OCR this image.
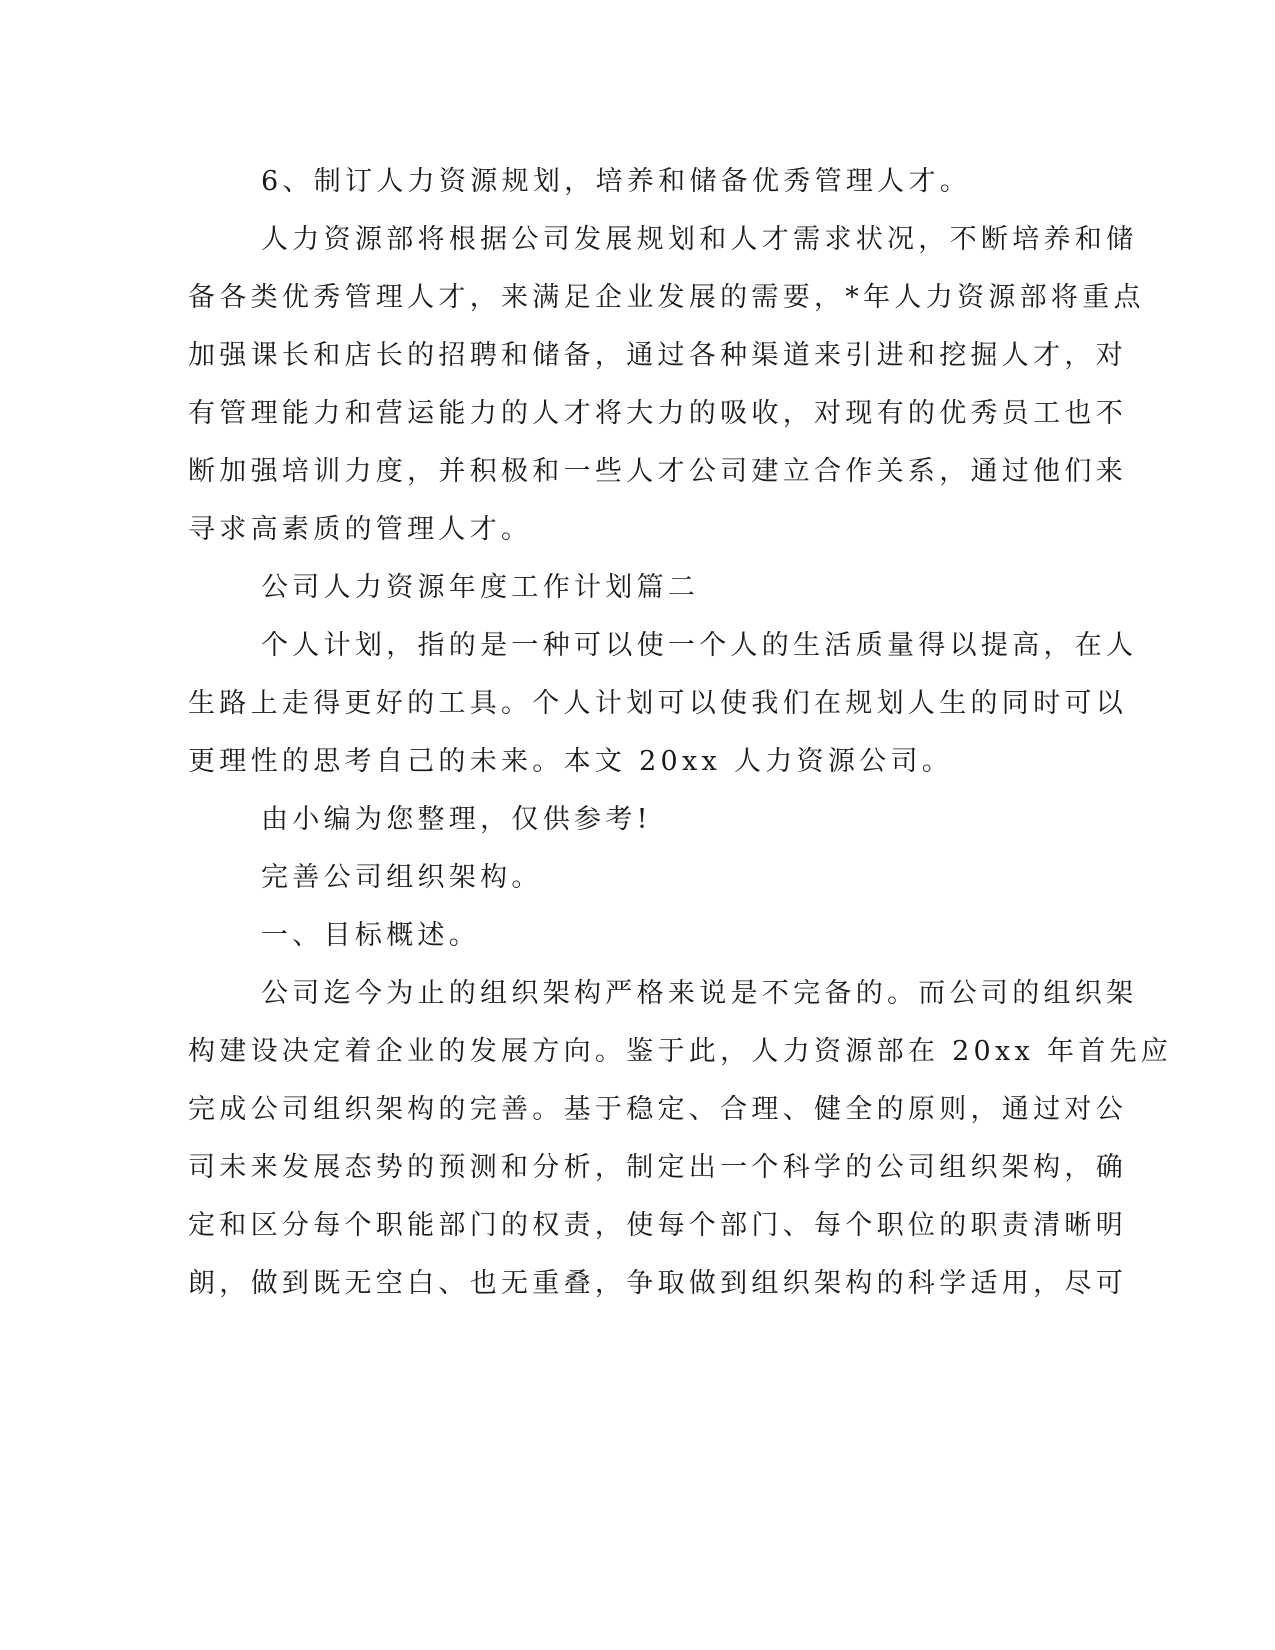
6、制订人力资源规划，培养和储备优秀管理人才。
人力资源部将根据公司发展规划和人才需求状况，不断培养和储
备各类优秀管理人才，来满足企业发展的需要，*年人力资源部将重点
加强课长和店长的招聘和储备，通过各种渠道来引进和挖掘人才，对
有管理能力和营运能力的人才将大力的吸收，对现有的优秀员工也不
断加强培训力度，并积极和一些人才公司建立合作关系，通过他们来
寻求高素质的管理人才。
公司人力资源年度工作计划篇二
个人计划，指的是一种可以使一个人的生活质量得以提高，在人
生路上走得更好的工具。个人计划可以使我们在规划人生的同时可以
更理性的思考自己的未来。本文 20xx 人力资源公司。
由小编为您整理，仅供参考!
完善公司组织架构。
一、目标概述。
公司迄今为止的组织架构严格来说是不完备的。而公司的组织架
构建设决定着企业的发展方向。鉴于此，人力资源部在 20xx 年首先应
完成公司组织架构的完善。基于稳定、合理、健全的原则，通过对公
司未来发展态势的预测和分析，制定出一个科学的公司组织架构，确
定和区分每个职能部门的权责，使每个部门、每个职位的职责清晰明
朗，做到既无空白、也无重叠，争取做到组织架构的科学适用，尽可
